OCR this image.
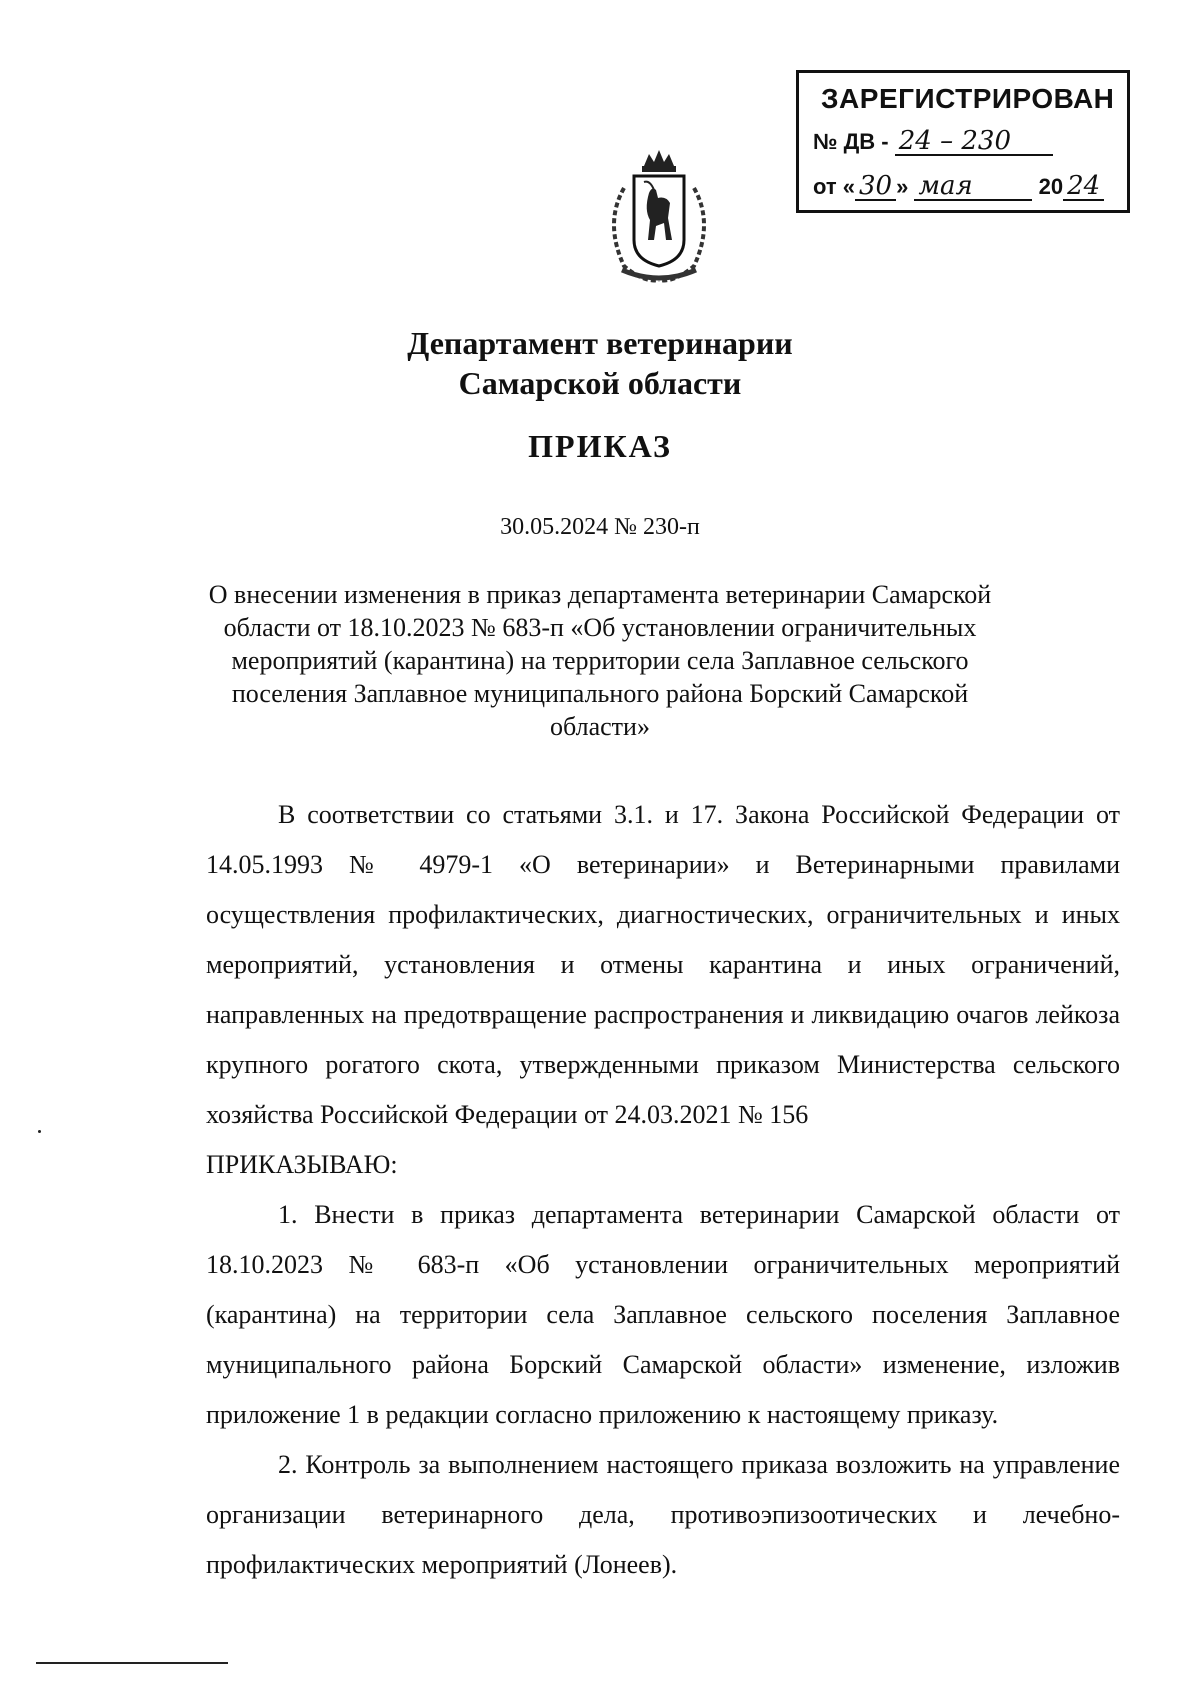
ЗАРЕГИСТРИРОВАН
№ ДВ - 24 – 230
от « 30 » мая	20 24
Департамент ветеринарии
Самарской области
ПРИКАЗ
30.05.2024 № 230-п
О внесении изменения в приказ департамента ветеринарии Самарской области от 18.10.2023 № 683-п «Об установлении ограничительных мероприятий (карантина) на территории села Заплавное сельского поселения Заплавное муниципального района Борский Самарской области»

В соответствии со статьями 3.1. и 17. Закона Российской Федерации от 14.05.1993 № 4979-1 «О ветеринарии» и Ветеринарными правилами осуществления профилактических, диагностических, ограничительных и иных мероприятий, установления и отмены карантина и иных ограничений, направленных на предотвращение распространения и ликвидацию очагов лейкоза крупного рогатого скота, утвержденными приказом Министерства сельского хозяйства Российской Федерации от 24.03.2021 № 156

ПРИКАЗЫВАЮ:

1. Внести в приказ департамента ветеринарии Самарской области от 18.10.2023 № 683-п «Об установлении ограничительных мероприятий (карантина) на территории села Заплавное сельского поселения Заплавное муниципального района Борский Самарской области» изменение, изложив приложение 1 в редакции согласно приложению к настоящему приказу.

2. Контроль за выполнением настоящего приказа возложить на управление организации ветеринарного дела, противоэпизоотических и лечебно-профилактических мероприятий (Лонеев).
